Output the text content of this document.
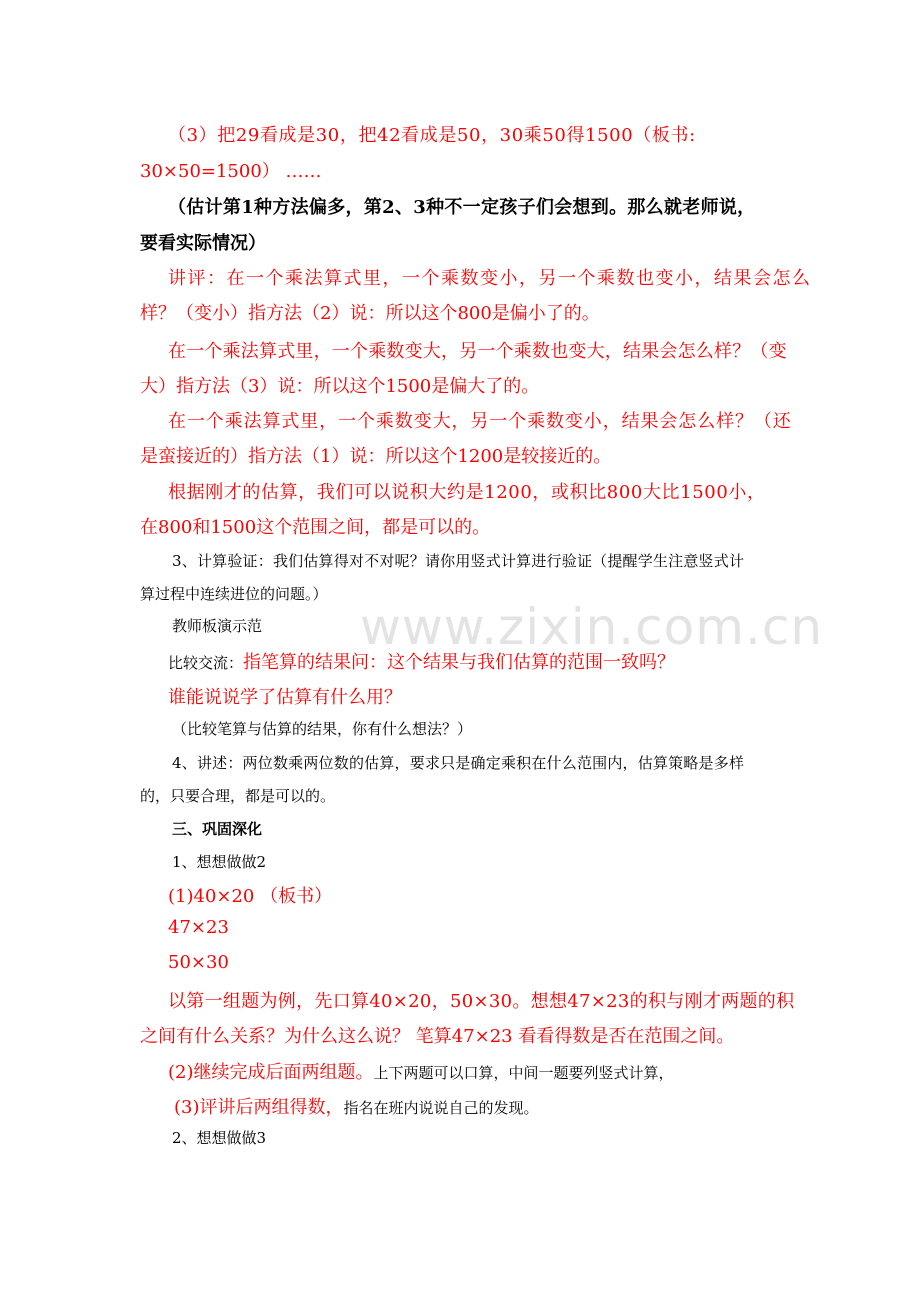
www.zixin.com.cn

（3）把29看成是30，把42看成是50，30乘50得1500（板书:

30×50=1500） ……

（估计第1种方法偏多，第2、3种不一定孩子们会想到。那么就老师说，

要看实际情况）

讲评：在一个乘法算式里，一个乘数变小，另一个乘数也变小，结果会怎么

样？（变小）指方法（2）说：所以这个800是偏小了的。

在一个乘法算式里，一个乘数变大，另一个乘数也变大，结果会怎么样？（变

大）指方法（3）说：所以这个1500是偏大了的。

在一个乘法算式里，一个乘数变大，另一个乘数变小，结果会怎么样？（还

是蛮接近的）指方法（1）说：所以这个1200是较接近的。

根据刚才的估算，我们可以说积大约是1200，或积比800大比1500小，

在800和1500这个范围之间，都是可以的。

3、计算验证：我们估算得对不对呢？请你用竖式计算进行验证（提醒学生注意竖式计

算过程中连续进位的问题。）

教师板演示范

比较交流：指笔算的结果问：这个结果与我们估算的范围一致吗？

谁能说说学了估算有什么用？

（比较笔算与估算的结果，你有什么想法？）

4、讲述：两位数乘两位数的估算，要求只是确定乘积在什么范围内，估算策略是多样

的，只要合理，都是可以的。

三、巩固深化

1、想想做做2

(1)40×20 （板书）

47×23

50×30

以第一组题为例，先口算40×20，50×30。想想47×23的积与刚才两题的积

之间有什么关系？为什么这么说？ 笔算47×23 看看得数是否在范围之间。

(2)继续完成后面两组题。上下两题可以口算，中间一题要列竖式计算，

(3)评讲后两组得数，指名在班内说说自己的发现。

2、想想做做3
